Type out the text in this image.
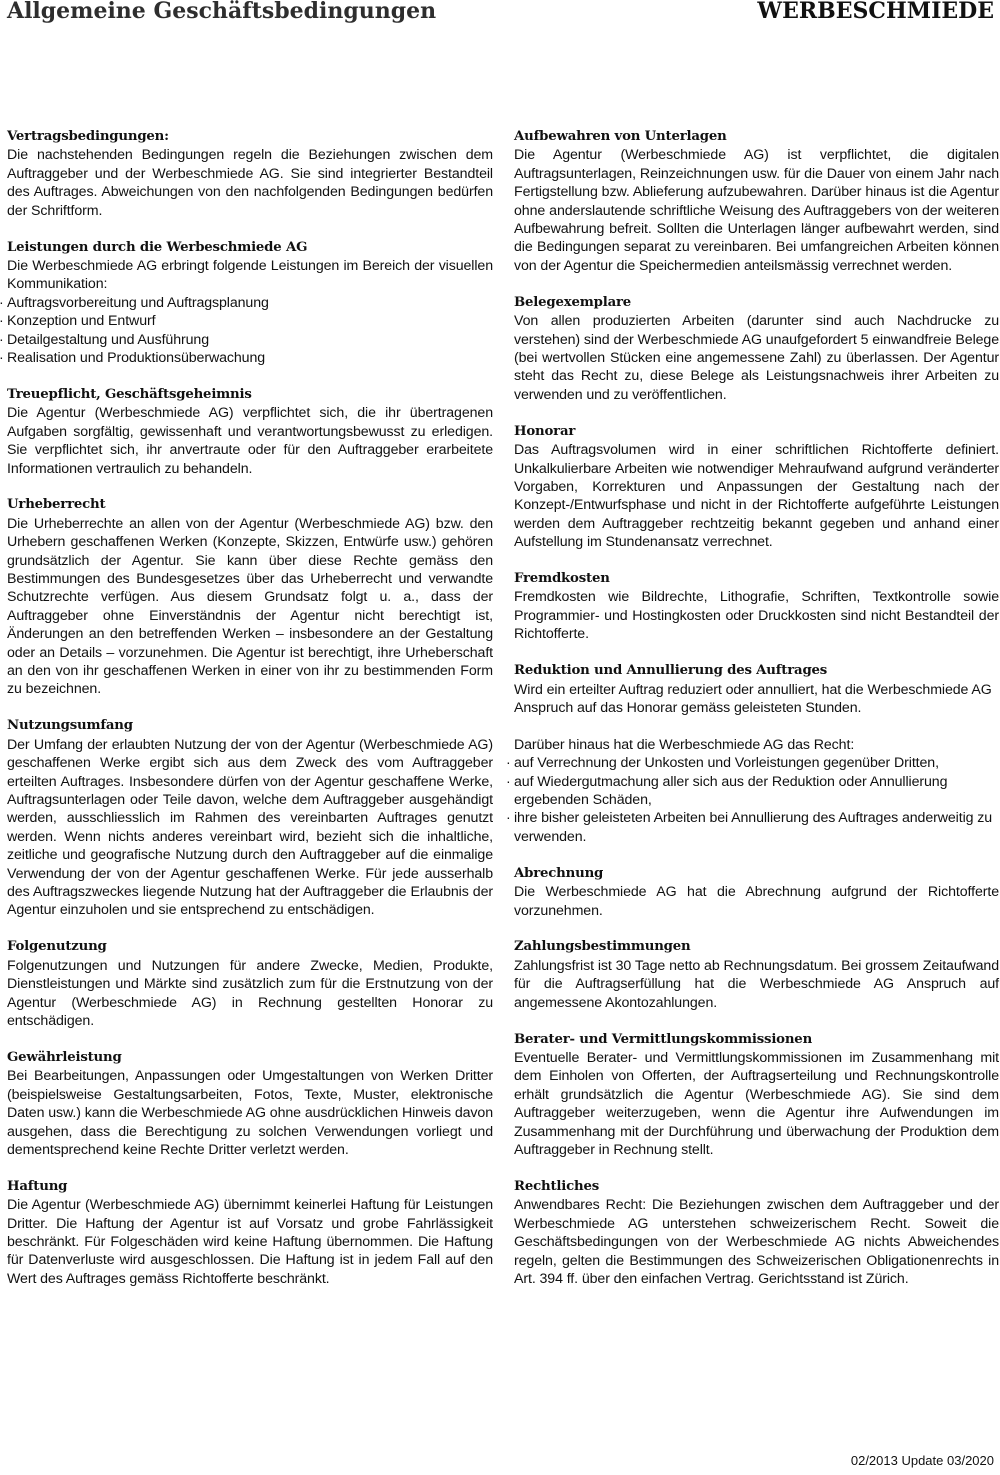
Allgemeine Geschäftsbedingungen	WERBESCHMIEDE
Vertragsbedingungen:

Die nachstehenden Bedingungen regeln die Beziehungen zwischen dem Auftraggeber und der Werbeschmiede AG. Sie sind integrierter Bestandteil des Auftrages. Abweichungen von den nachfolgenden Bedingungen bedürfen der Schriftform.

Leistungen durch die Werbeschmiede AG

Die Werbeschmiede AG erbringt folgende Leistungen im Bereich der visuellen Kommunikation:

· Auftragsvorbereitung und Auftragsplanung
· Konzeption und Entwurf
· Detailgestaltung und Ausführung
· Realisation und Produktionsüberwachung
Treuepflicht, Geschäftsgeheimnis

Die Agentur (Werbeschmiede AG) verpflichtet sich, die ihr übertragenen Aufgaben sorgfältig, gewissenhaft und verantwortungsbewusst zu erledigen. Sie verpflichtet sich, ihr anvertraute oder für den Auftraggeber erarbeitete Informationen vertraulich zu behandeln.

Urheberrecht

Die Urheberrechte an allen von der Agentur (Werbeschmiede AG) bzw. den Urhebern geschaffenen Werken (Konzepte, Skizzen, Entwürfe usw.) gehören grundsätzlich der Agentur. Sie kann über diese Rechte gemäss den Bestimmungen des Bundesgesetzes über das Urheberrecht und verwandte Schutzrechte verfügen. Aus diesem Grundsatz folgt u. a., dass der Auftraggeber ohne Einverständnis der Agentur nicht berechtigt ist, Änderungen an den betreffenden Werken – insbesondere an der Gestaltung oder an Details – vorzunehmen. Die Agentur ist berechtigt, ihre Urheberschaft an den von ihr geschaffenen Werken in einer von ihr zu bestimmenden Form zu bezeichnen.

Nutzungsumfang

Der Umfang der erlaubten Nutzung der von der Agentur (Werbeschmiede AG) geschaffenen Werke ergibt sich aus dem Zweck des vom Auftraggeber erteilten Auftrages. Insbesondere dürfen von der Agentur geschaffene Werke, Auftragsunterlagen oder Teile davon, welche dem Auftraggeber ausgehändigt werden, ausschliesslich im Rahmen des vereinbarten Auftrages genutzt werden. Wenn nichts anderes vereinbart wird, bezieht sich die inhaltliche, zeitliche und geografische Nutzung durch den Auftraggeber auf die einmalige Verwendung der von der Agentur geschaffenen Werke. Für jede ausserhalb des Auftragszweckes liegende Nutzung hat der Auftraggeber die Erlaubnis der Agentur einzuholen und sie entsprechend zu entschädigen.

Folgenutzung

Folgenutzungen und Nutzungen für andere Zwecke, Medien, Produkte, Dienstleistungen und Märkte sind zusätzlich zum für die Erstnutzung von der Agentur (Werbeschmiede AG) in Rechnung gestellten Honorar zu entschädigen.

Gewährleistung

Bei Bearbeitungen, Anpassungen oder Umgestaltungen von Werken Dritter (beispielsweise Gestaltungsarbeiten, Fotos, Texte, Muster, elektronische Daten usw.) kann die Werbeschmiede AG ohne ausdrücklichen Hinweis davon ausgehen, dass die Berechtigung zu solchen Verwendungen vorliegt und dementsprechend keine Rechte Dritter verletzt werden.

Haftung

Die Agentur (Werbeschmiede AG) übernimmt keinerlei Haftung für Leistungen Dritter. Die Haftung der Agentur ist auf Vorsatz und grobe Fahrlässigkeit beschränkt. Für Folgeschäden wird keine Haftung übernommen. Die Haftung für Datenverluste wird ausgeschlossen. Die Haftung ist in jedem Fall auf den Wert des Auftrages gemäss Richtofferte beschränkt.

Aufbewahren von Unterlagen

Die Agentur (Werbeschmiede AG) ist verpflichtet, die digitalen Auftragsunterlagen, Reinzeichnungen usw. für die Dauer von einem Jahr nach Fertigstellung bzw. Ablieferung aufzubewahren. Darüber hinaus ist die Agentur ohne anderslautende schriftliche Weisung des Auftraggebers von der weiteren Aufbewahrung befreit. Sollten die Unterlagen länger aufbewahrt werden, sind die Bedingungen separat zu vereinbaren. Bei umfangreichen Arbeiten können von der Agentur die Speichermedien anteilsmässig verrechnet werden.

Belegexemplare

Von allen produzierten Arbeiten (darunter sind auch Nachdrucke zu verstehen) sind der Werbeschmiede AG unaufgefordert 5 einwandfreie Belege (bei wertvollen Stücken eine angemessene Zahl) zu überlassen. Der Agentur steht das Recht zu, diese Belege als Leistungsnachweis ihrer Arbeiten zu verwenden und zu veröffentlichen.

Honorar

Das Auftragsvolumen wird in einer schriftlichen Richtofferte definiert. Unkalkulierbare Arbeiten wie notwendiger Mehraufwand aufgrund veränderter Vorgaben, Korrekturen und Anpassungen der Gestaltung nach der Konzept-/Entwurfsphase und nicht in der Richtofferte aufgeführte Leistungen werden dem Auftraggeber rechtzeitig bekannt gegeben und anhand einer Aufstellung im Stundenansatz verrechnet.

Fremdkosten

Fremdkosten wie Bildrechte, Lithografie, Schriften, Textkontrolle sowie Programmier- und Hostingkosten oder Druckkosten sind nicht Bestandteil der Richtofferte.

Reduktion und Annullierung des Auftrages

Wird ein erteilter Auftrag reduziert oder annulliert, hat die Werbeschmiede AG Anspruch auf das Honorar gemäss geleisteten Stunden.

Darüber hinaus hat die Werbeschmiede AG das Recht:

· auf Verrechnung der Unkosten und Vorleistungen gegenüber Dritten,
· auf Wiedergutmachung aller sich aus der Reduktion oder Annullierung ergebenden Schäden,
· ihre bisher geleisteten Arbeiten bei Annullierung des Auftrages anderweitig zu verwenden.
Abrechnung

Die Werbeschmiede AG hat die Abrechnung aufgrund der Richtofferte vorzunehmen.

Zahlungsbestimmungen

Zahlungsfrist ist 30 Tage netto ab Rechnungsdatum. Bei grossem Zeitaufwand für die Auftragserfüllung hat die Werbeschmiede AG Anspruch auf angemessene Akontozahlungen.

Berater- und Vermittlungskommissionen

Eventuelle Berater- und Vermittlungskommissionen im Zusammenhang mit dem Einholen von Offerten, der Auftragserteilung und Rechnungskontrolle erhält grundsätzlich die Agentur (Werbeschmiede AG). Sie sind dem Auftraggeber weiterzugeben, wenn die Agentur ihre Aufwendungen im Zusammenhang mit der Durchführung und überwachung der Produktion dem Auftraggeber in Rechnung stellt.

Rechtliches

Anwendbares Recht: Die Beziehungen zwischen dem Auftraggeber und der Werbeschmiede AG unterstehen schweizerischem Recht. Soweit die Geschäftsbedingungen von der Werbeschmiede AG nichts Abweichendes regeln, gelten die Bestimmungen des Schweizerischen Obligationenrechts in Art. 394 ff. über den einfachen Vertrag. Gerichtsstand ist Zürich.

02/2013 Update 03/2020
